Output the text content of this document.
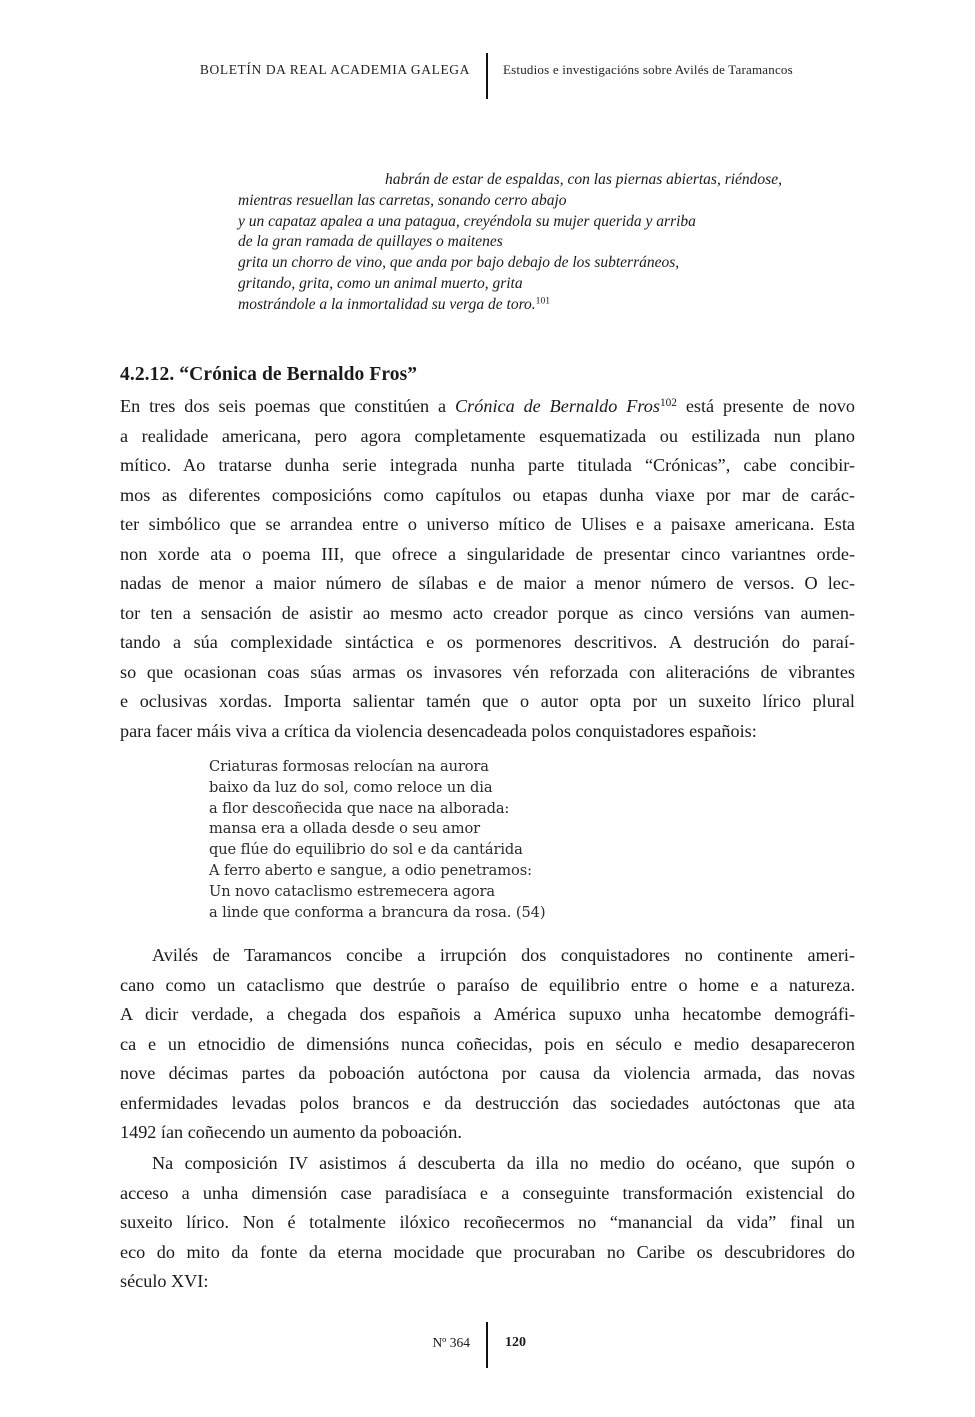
BOLETÍN DA REAL ACADEMIA GALEGA	Estudios e investigacións sobre Avilés de Taramancos
habrán de estar de espaldas, con las piernas abiertas, riéndose,
mientras resuellan las carretas, sonando cerro abajo
y un capataz apalea a una patagua, creyéndola su mujer querida y arriba
de la gran ramada de quillayes o maitenes
grita un chorro de vino, que anda por bajo debajo de los subterráneos,
gritando, grita, como un animal muerto, grita
mostrándole a la inmortalidad su verga de toro.$^{101}$
4.2.12. “Crónica de Bernaldo Fros”
En tres dos seis poemas que constitúen a Crónica de Bernaldo Fros$^{102}$ está presente de novo
a realidade americana, pero agora completamente esquematizada ou estilizada nun plano
mítico. Ao tratarse dunha serie integrada nunha parte titulada “Crónicas”, cabe concibir-
mos as diferentes composicións como capítulos ou etapas dunha viaxe por mar de carác-
ter simbólico que se arrandea entre o universo mítico de Ulises e a paisaxe americana. Esta
non xorde ata o poema III, que ofrece a singularidade de presentar cinco variantnes orde-
nadas de menor a maior número de sílabas e de maior a menor número de versos. O lec-
tor ten a sensación de asistir ao mesmo acto creador porque as cinco versións van aumen-
tando a súa complexidade sintáctica e os pormenores descritivos. A destrución do paraí-
so que ocasionan coas súas armas os invasores vén reforzada con aliteracións de vibrantes
e oclusivas xordas. Importa salientar tamén que o autor opta por un suxeito lírico plural
para facer máis viva a crítica da violencia desencadeada polos conquistadores españois:
Criaturas formosas relocían na aurora
baixo da luz do sol, como reloce un dia
a flor descoñecida que nace na alborada:
mansa era a ollada desde o seu amor
que flúe do equilibrio do sol e da cantárida
A ferro aberto e sangue, a odio penetramos:
Un novo cataclismo estremecera agora
a linde que conforma a brancura da rosa. (54)
Avilés de Taramancos concibe a irrupción dos conquistadores no continente ameri-
cano como un cataclismo que destrúe o paraíso de equilibrio entre o home e a natureza.
A dicir verdade, a chegada dos españois a América supuxo unha hecatombe demográfi-
ca e un etnocidio de dimensións nunca coñecidas, pois en século e medio desapareceron
nove décimas partes da poboación autóctona por causa da violencia armada, das novas
enfermidades levadas polos brancos e da destrucción das sociedades autóctonas que ata
1492 ían coñecendo un aumento da poboación.
Na composición IV asistimos á descuberta da illa no medio do océano, que supón o
acceso a unha dimensión case paradisíaca e a conseguinte transformación existencial do
suxeito lírico. Non é totalmente ilóxico recoñecermos no “manancial da vida” final un
eco do mito da fonte da eterna mocidade que procuraban no Caribe os descubridores do
século XVI:
Nº 364	120
